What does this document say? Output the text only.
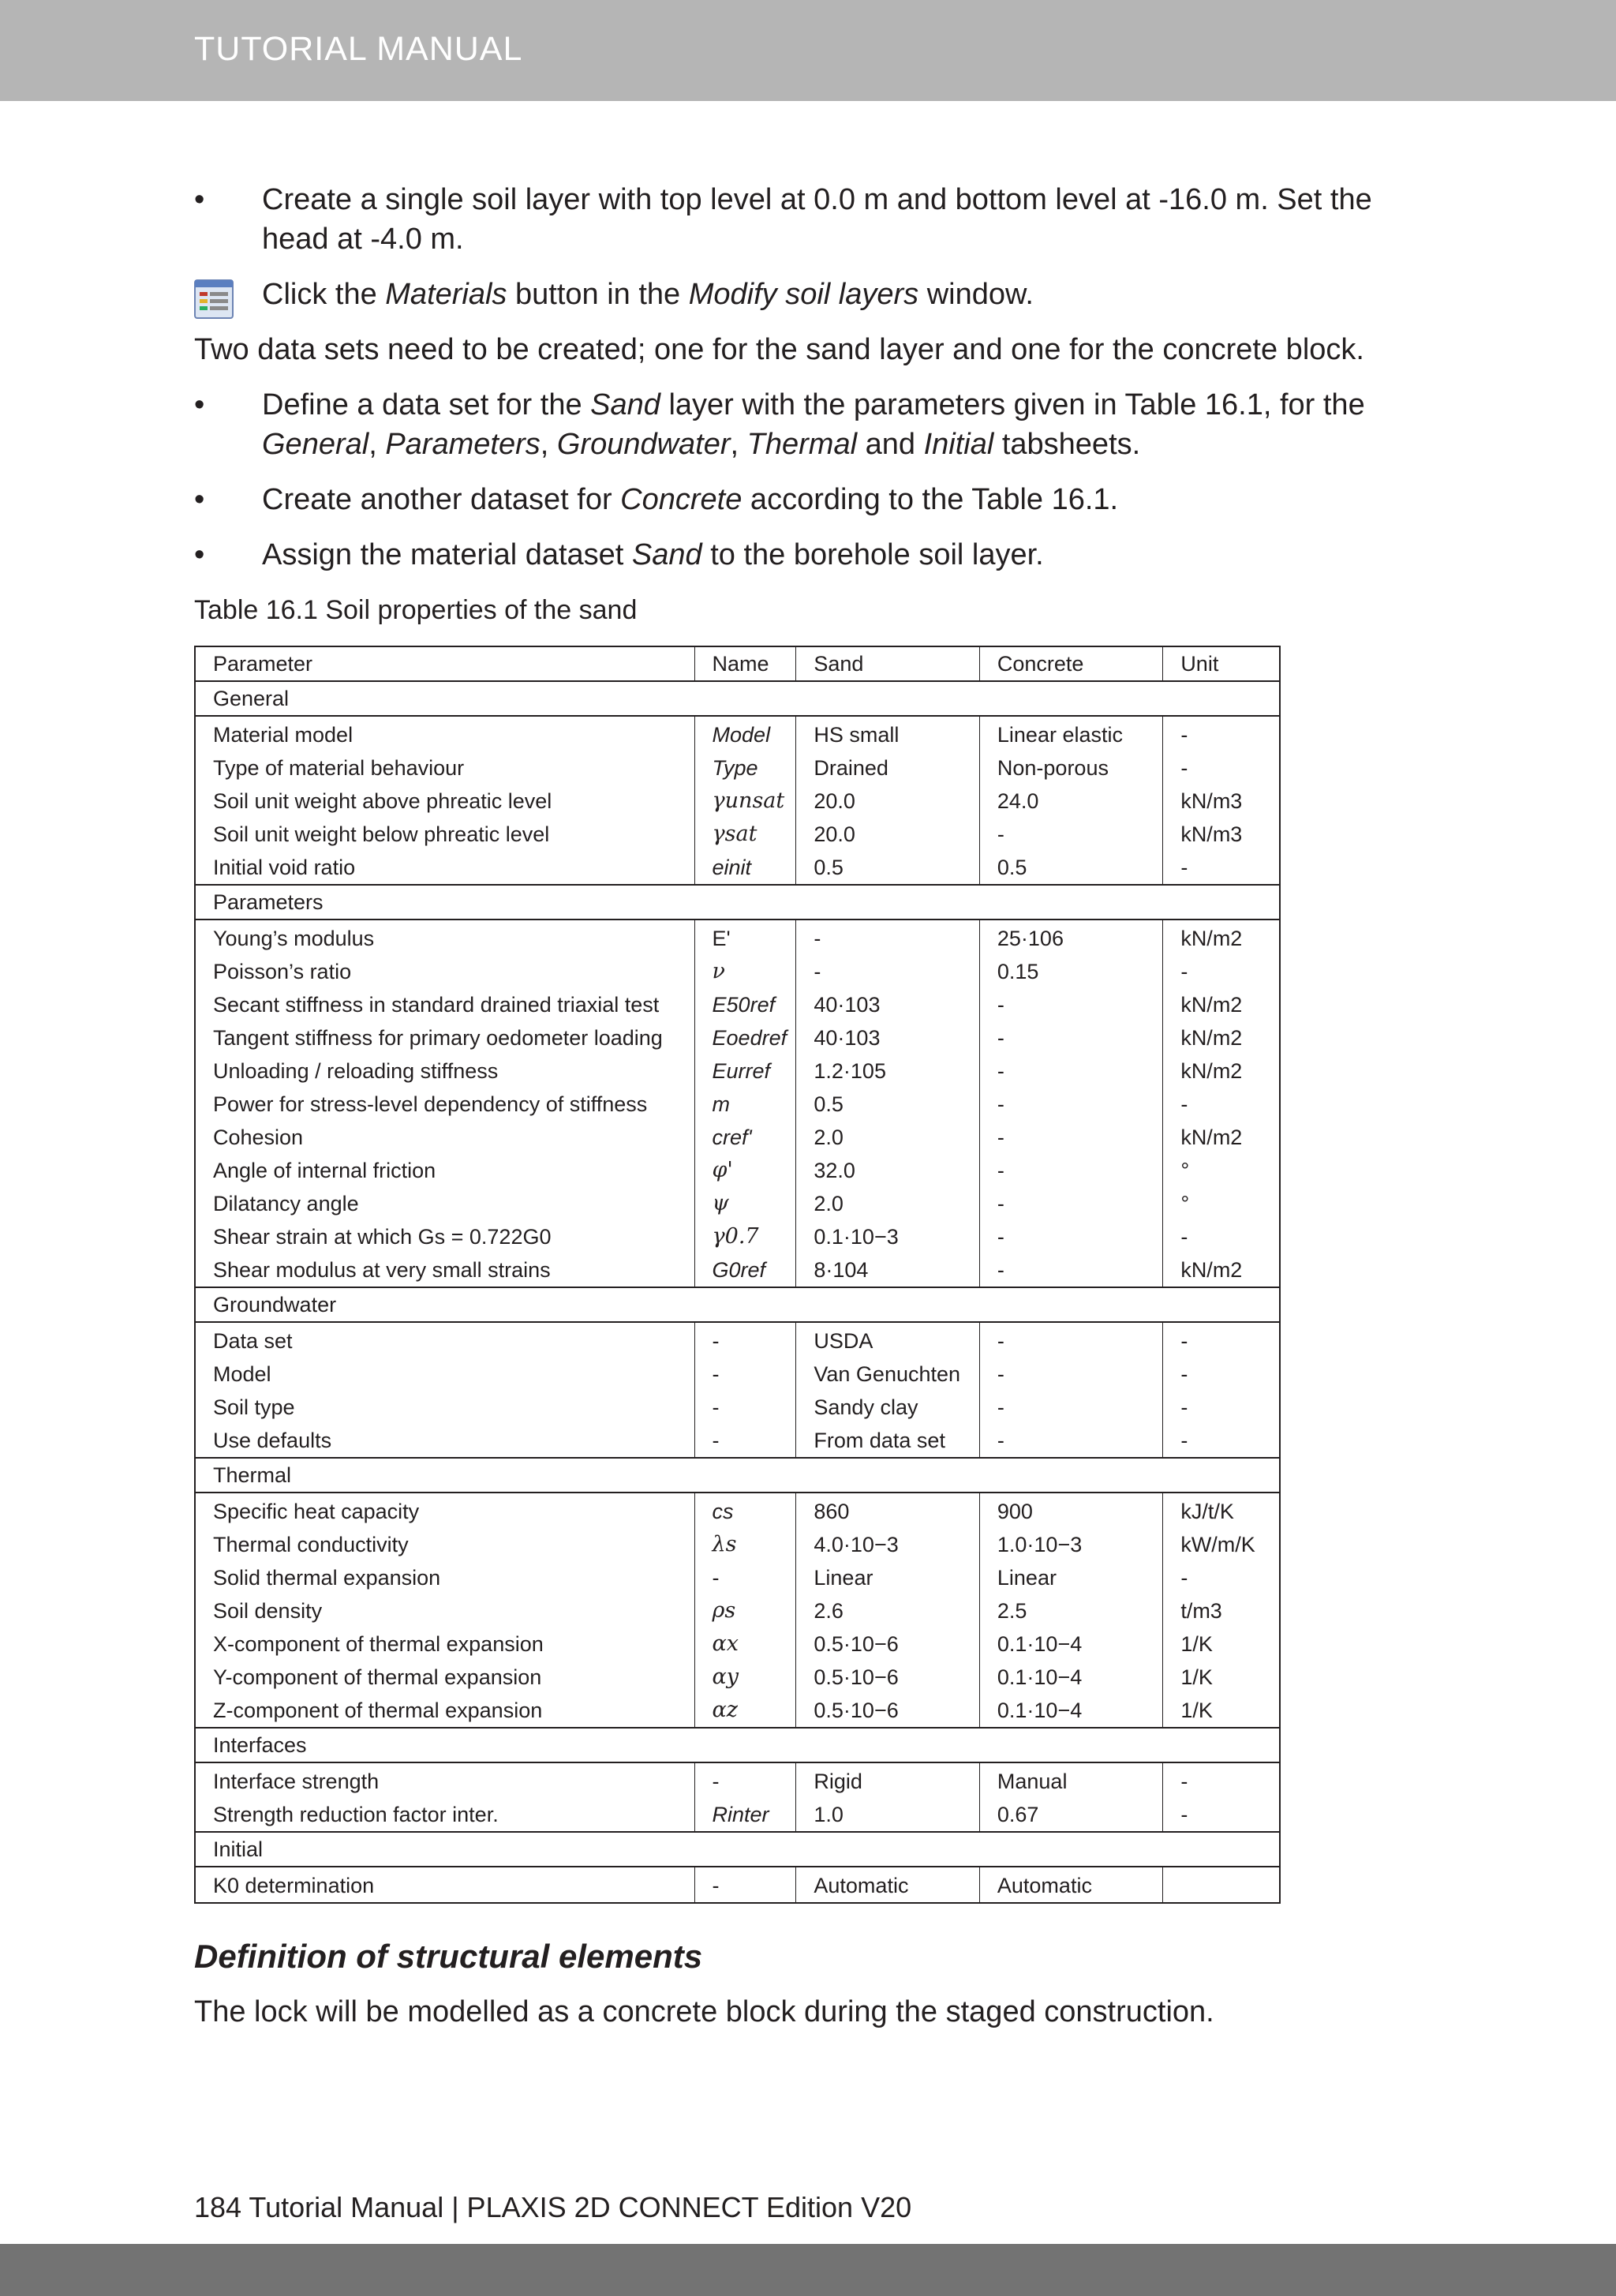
TUTORIAL MANUAL
• Create a single soil layer with top level at 0.0 m and bottom level at -16.0 m. Set the head at -4.0 m.
Click the Materials button in the Modify soil layers window.
Two data sets need to be created; one for the sand layer and one for the concrete block.
• Define a data set for the Sand layer with the parameters given in Table 16.1, for the General, Parameters, Groundwater, Thermal and Initial tabsheets.
• Create another dataset for Concrete according to the Table 16.1.
• Assign the material dataset Sand to the borehole soil layer.
Table 16.1 Soil properties of the sand
Parameter	Name	Sand	Concrete	Unit
General				
Material model	Model	HS small	Linear elastic	-
Type of material behaviour	Type	Drained	Non-porous	-
Soil unit weight above phreatic level	γunsat	20.0	24.0	kN/m3
Soil unit weight below phreatic level	γsat	20.0	-	kN/m3
Initial void ratio	einit	0.5	0.5	-
Parameters				
Young’s modulus	E'	-	25·106	kN/m2
Poisson’s ratio	ν	-	0.15	-
Secant stiffness in standard drained triaxial test	E50ref	40·103	-	kN/m2
Tangent stiffness for primary oedometer loading	Eoedref	40·103	-	kN/m2
Unloading / reloading stiffness	Eurref	1.2·105	-	kN/m2
Power for stress-level dependency of stiffness	m	0.5	-	-
Cohesion	cref'	2.0	-	kN/m2
Angle of internal friction	φ'	32.0	-	°
Dilatancy angle	ψ	2.0	-	°
Shear strain at which Gs = 0.722G0	γ0.7	0.1·10−3	-	-
Shear modulus at very small strains	G0ref	8·104	-	kN/m2
Groundwater				
Data set	-	USDA	-	-
Model	-	Van Genuchten	-	-
Soil type	-	Sandy clay	-	-
Use defaults	-	From data set	-	-
Thermal				
Specific heat capacity	cs	860	900	kJ/t/K
Thermal conductivity	λs	4.0·10−3	1.0·10−3	kW/m/K
Solid thermal expansion	-	Linear	Linear	-
Soil density	ρs	2.6	2.5	t/m3
X-component of thermal expansion	αx	0.5·10−6	0.1·10−4	1/K
Y-component of thermal expansion	αy	0.5·10−6	0.1·10−4	1/K
Z-component of thermal expansion	αz	0.5·10−6	0.1·10−4	1/K
Interfaces				
Interface strength	-	Rigid	Manual	-
Strength reduction factor inter.	Rinter	1.0	0.67	-
Initial				
K0 determination	-	Automatic	Automatic	
Definition of structural elements
The lock will be modelled as a concrete block during the staged construction.
184 Tutorial Manual | PLAXIS 2D CONNECT Edition V20
